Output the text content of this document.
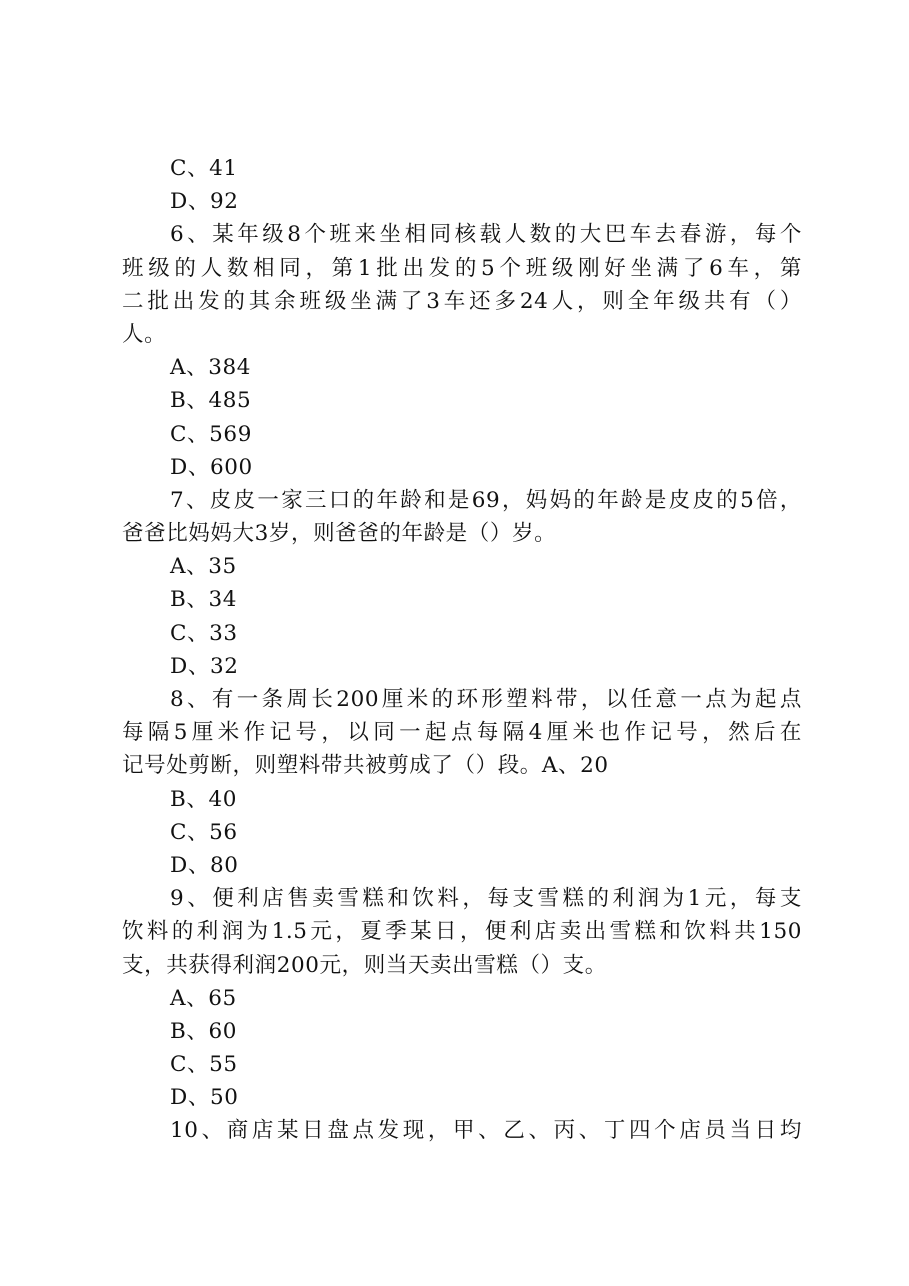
C、41
D、92
6、某年级8个班来坐相同核载人数的大巴车去春游，每个
班级的人数相同，第1批出发的5个班级刚好坐满了6车，第
二批出发的其余班级坐满了3车还多24人，则全年级共有（）
人。
A、384
B、485
C、569
D、600
7、皮皮一家三口的年龄和是69，妈妈的年龄是皮皮的5倍，
爸爸比妈妈大3岁，则爸爸的年龄是（）岁。
A、35
B、34
C、33
D、32
8、有一条周长200厘米的环形塑料带，以任意一点为起点
每隔5厘米作记号，以同一起点每隔4厘米也作记号，然后在
记号处剪断，则塑料带共被剪成了（）段。A、20
B、40
C、56
D、80
9、便利店售卖雪糕和饮料，每支雪糕的利润为1元，每支
饮料的利润为1.5元，夏季某日，便利店卖出雪糕和饮料共150
支，共获得利润200元，则当天卖出雪糕（）支。
A、65
B、60
C、55
D、50
10、商店某日盘点发现，甲、乙、丙、丁四个店员当日均
